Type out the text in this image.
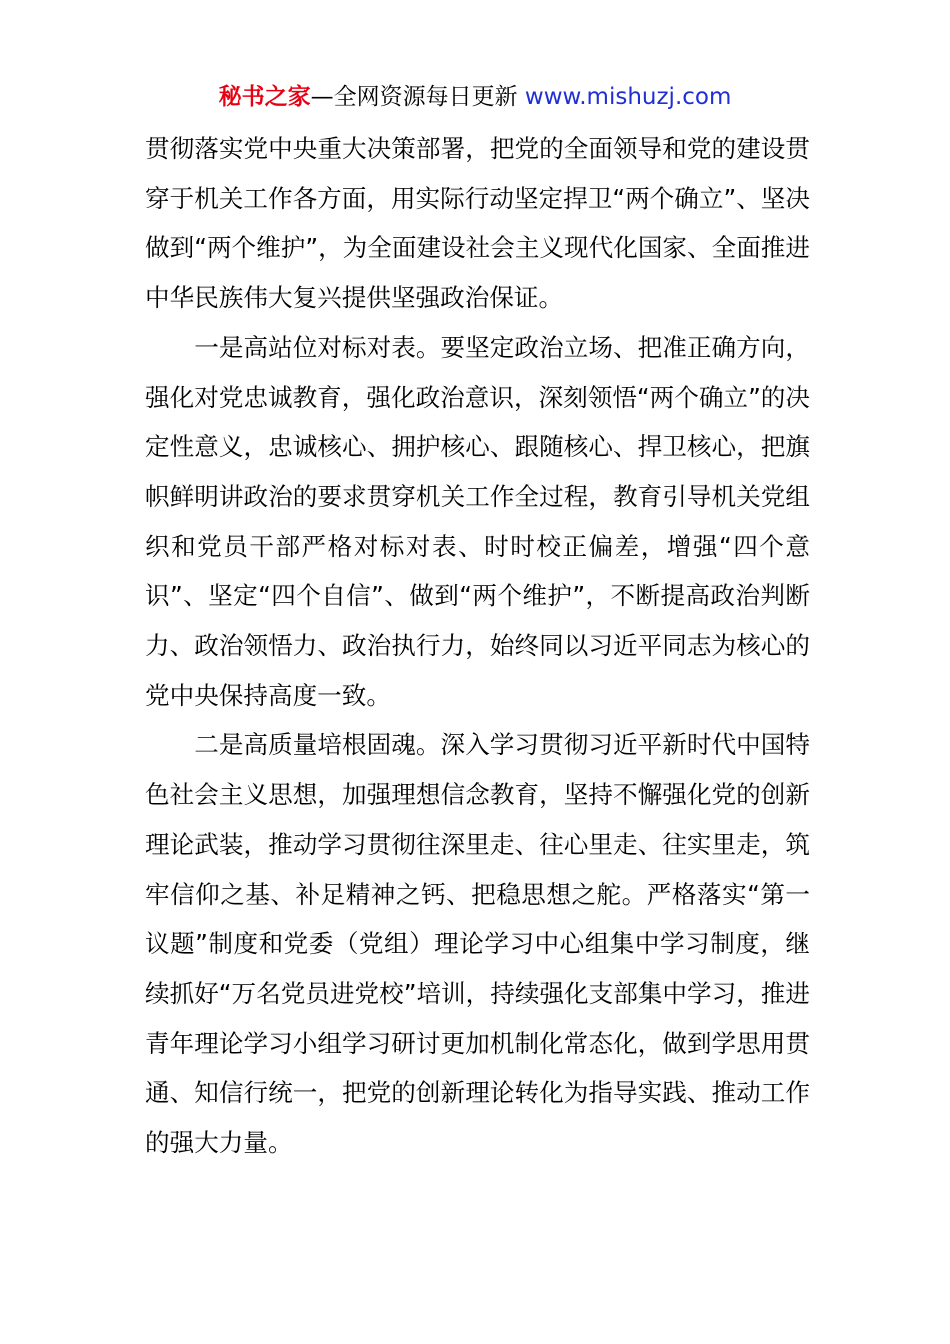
秘书之家—全网资源每日更新 www.mishuzj.com

贯彻落实党中央重大决策部署，把党的全面领导和党的建设贯穿于机关工作各方面，用实际行动坚定捍卫“两个确立”、坚决做到“两个维护”，为全面建设社会主义现代化国家、全面推进中华民族伟大复兴提供坚强政治保证。

一是高站位对标对表。要坚定政治立场、把准正确方向，强化对党忠诚教育，强化政治意识，深刻领悟“两个确立”的决定性意义，忠诚核心、拥护核心、跟随核心、捍卫核心，把旗帜鲜明讲政治的要求贯穿机关工作全过程，教育引导机关党组织和党员干部严格对标对表、时时校正偏差，增强“四个意识”、坚定“四个自信”、做到“两个维护”，不断提高政治判断力、政治领悟力、政治执行力，始终同以习近平同志为核心的党中央保持高度一致。

二是高质量培根固魂。深入学习贯彻习近平新时代中国特色社会主义思想，加强理想信念教育，坚持不懈强化党的创新理论武装，推动学习贯彻往深里走、往心里走、往实里走，筑牢信仰之基、补足精神之钙、把稳思想之舵。严格落实“第一议题”制度和党委（党组）理论学习中心组集中学习制度，继续抓好“万名党员进党校”培训，持续强化支部集中学习，推进青年理论学习小组学习研讨更加机制化常态化，做到学思用贯通、知信行统一，把党的创新理论转化为指导实践、推动工作的强大力量。
